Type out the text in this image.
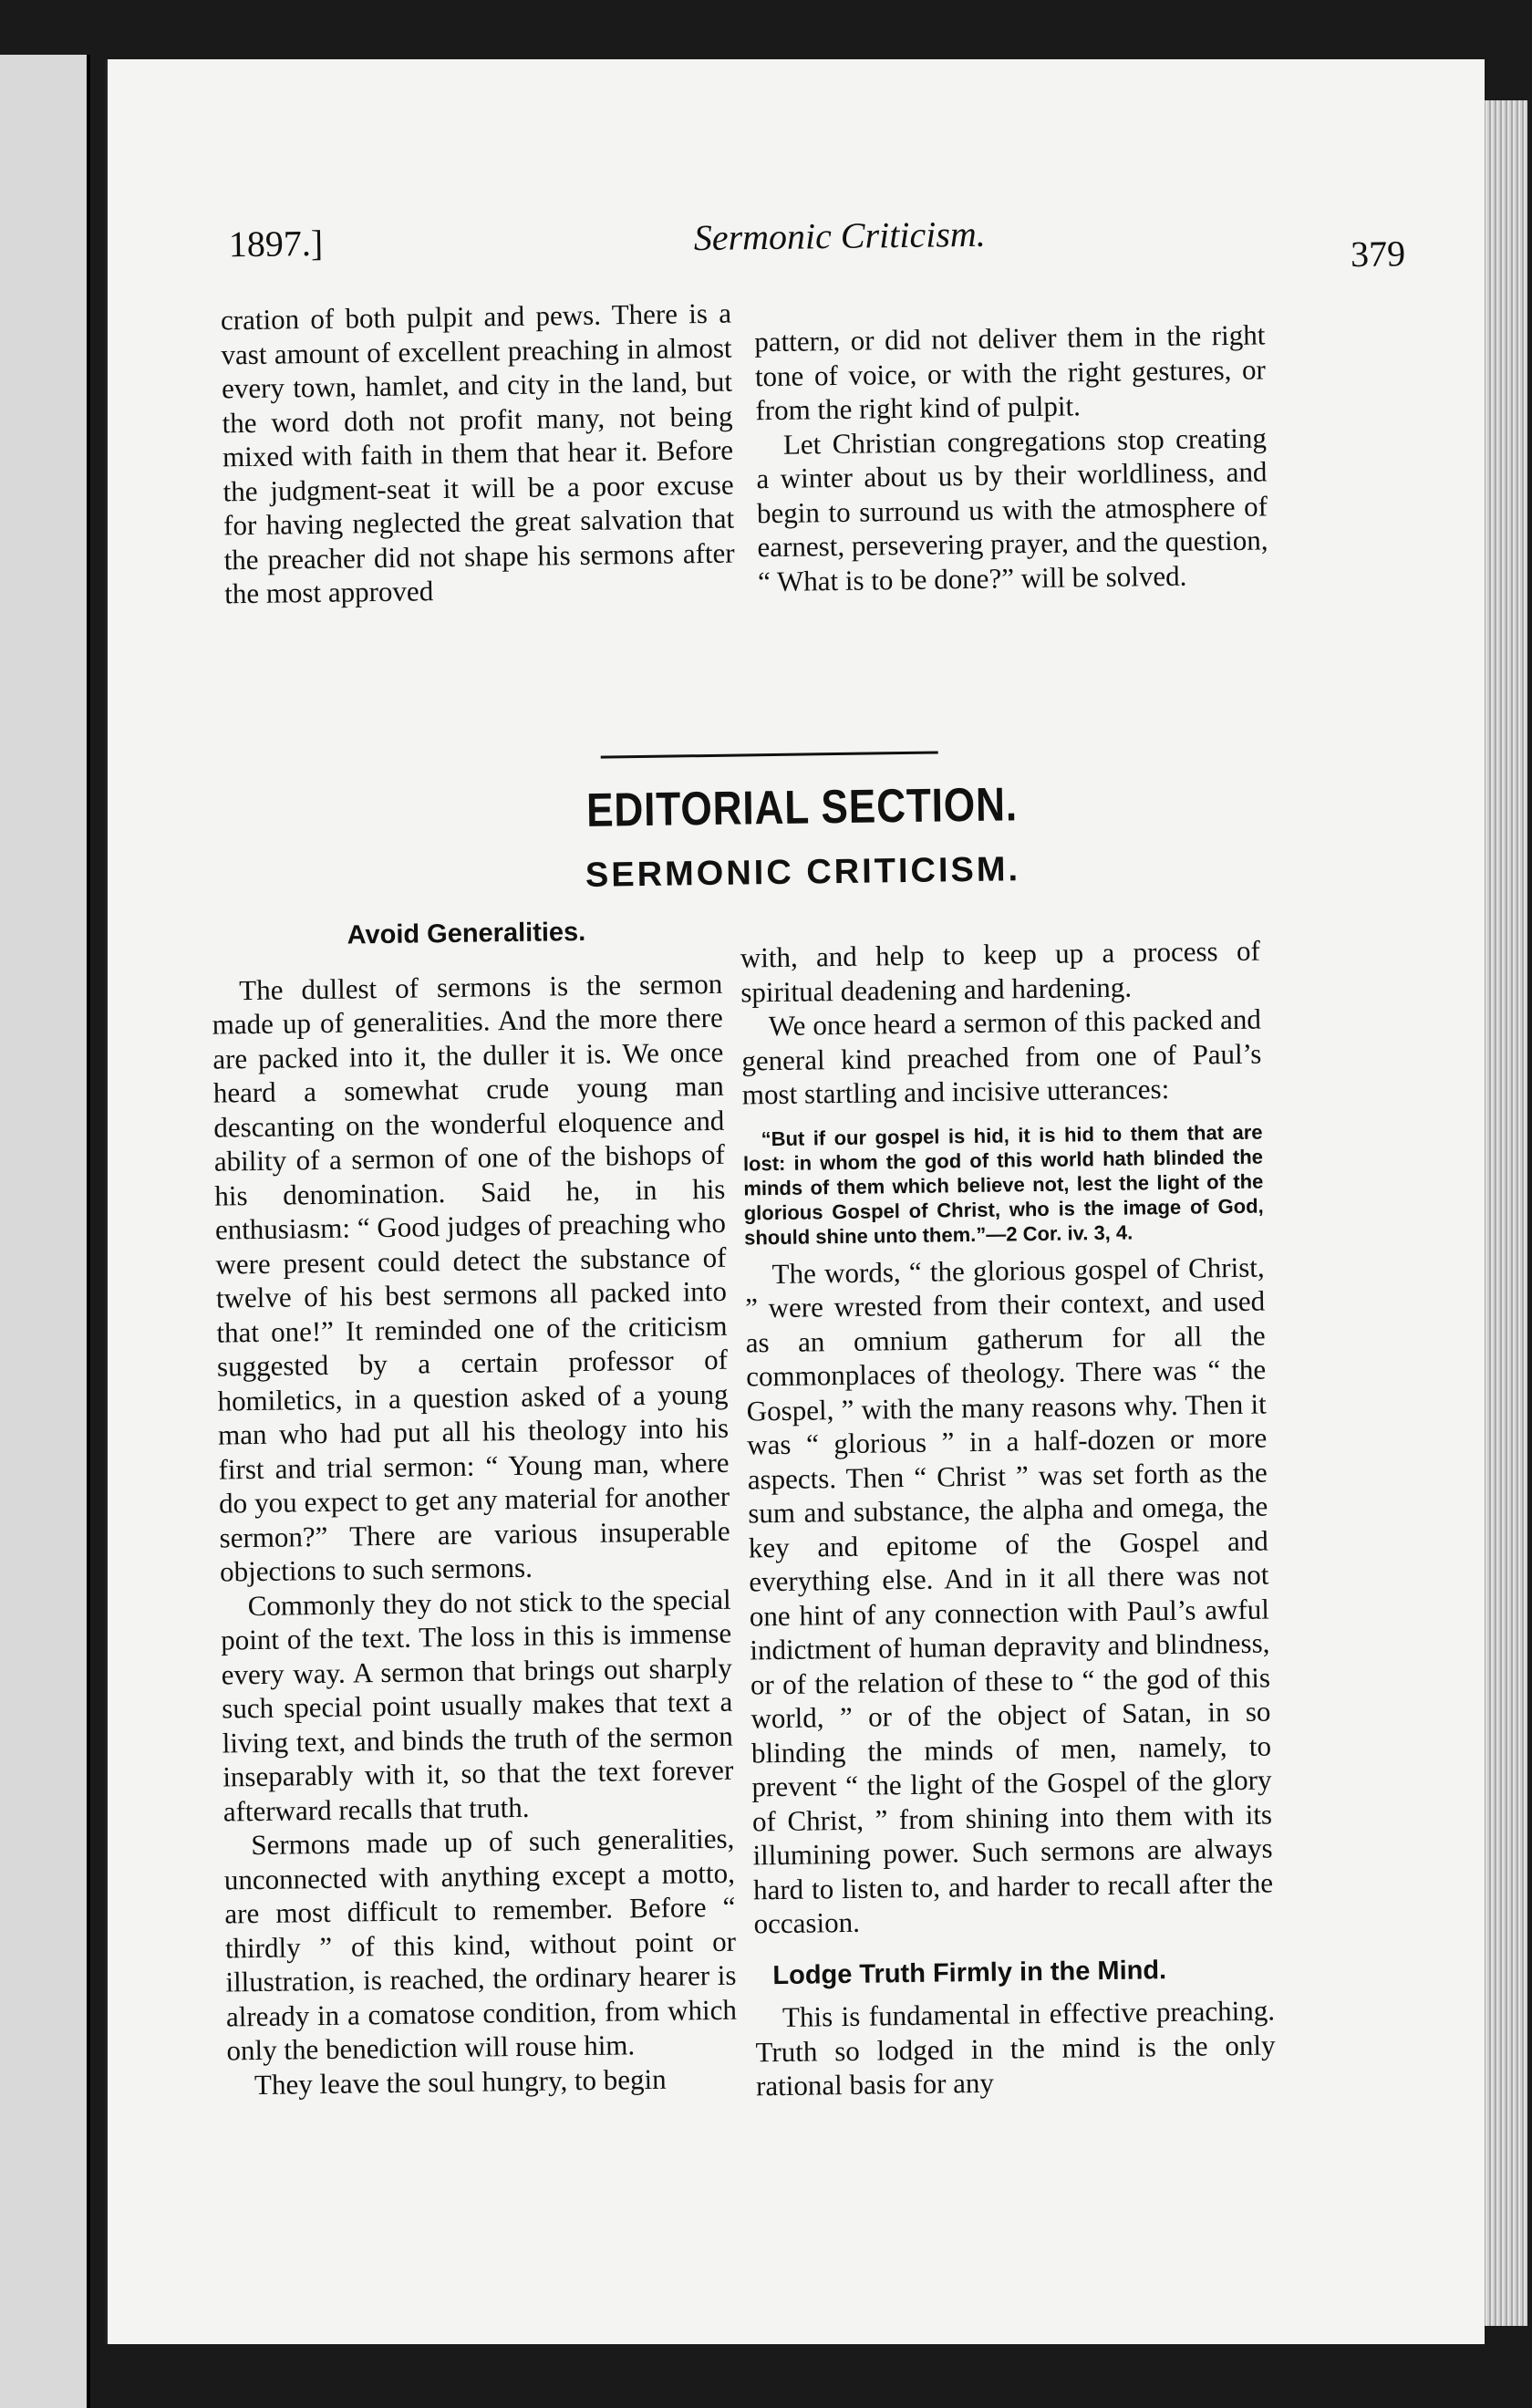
1897.]	Sermonic Criticism.	379

cration of both pulpit and pews. There is a vast amount of excellent preaching in almost every town, hamlet, and city in the land, but the word doth not profit many, not being mixed with faith in them that hear it. Before the judgment-seat it will be a poor excuse for having neglected the great salvation that the preacher did not shape his sermons after the most approved

pattern, or did not deliver them in the right tone of voice, or with the right gestures, or from the right kind of pulpit.

Let Christian congregations stop creating a winter about us by their worldliness, and begin to surround us with the atmosphere of earnest, persevering prayer, and the question, “ What is to be done?” will be solved.

EDITORIAL SECTION.
SERMONIC CRITICISM.

Avoid Generalities.

The dullest of sermons is the sermon made up of generalities. And the more there are packed into it, the duller it is. We once heard a somewhat crude young man descanting on the wonderful eloquence and ability of a sermon of one of the bishops of his denomination. Said he, in his enthusiasm: “ Good judges of preaching who were present could detect the substance of twelve of his best sermons all packed into that one!” It reminded one of the criticism suggested by a certain professor of homiletics, in a question asked of a young man who had put all his theology into his first and trial sermon: “ Young man, where do you expect to get any material for another sermon?” There are various insuperable objections to such sermons.

Commonly they do not stick to the special point of the text. The loss in this is immense every way. A sermon that brings out sharply such special point usually makes that text a living text, and binds the truth of the sermon inseparably with it, so that the text forever afterward recalls that truth.

Sermons made up of such generalities, unconnected with anything except a motto, are most difficult to remember. Before “ thirdly ” of this kind, without point or illustration, is reached, the ordinary hearer is already in a comatose condition, from which only the benediction will rouse him.

They leave the soul hungry, to begin

with, and help to keep up a process of spiritual deadening and hardening.

We once heard a sermon of this packed and general kind preached from one of Paul’s most startling and incisive utterances:

“But if our gospel is hid, it is hid to them that are lost: in whom the god of this world hath blinded the minds of them which believe not, lest the light of the glorious Gospel of Christ, who is the image of God, should shine unto them.”—2 Cor. iv. 3, 4.

The words, “ the glorious gospel of Christ, ” were wrested from their context, and used as an omnium gatherum for all the commonplaces of theology. There was “ the Gospel, ” with the many reasons why. Then it was “ glorious ” in a half-dozen or more aspects. Then “ Christ ” was set forth as the sum and substance, the alpha and omega, the key and epitome of the Gospel and everything else. And in it all there was not one hint of any connection with Paul’s awful indictment of human depravity and blindness, or of the relation of these to “ the god of this world, ” or of the object of Satan, in so blinding the minds of men, namely, to prevent “ the light of the Gospel of the glory of Christ, ” from shining into them with its illumining power. Such sermons are always hard to listen to, and harder to recall after the occasion.

Lodge Truth Firmly in the Mind.

This is fundamental in effective preaching. Truth so lodged in the mind is the only rational basis for any
